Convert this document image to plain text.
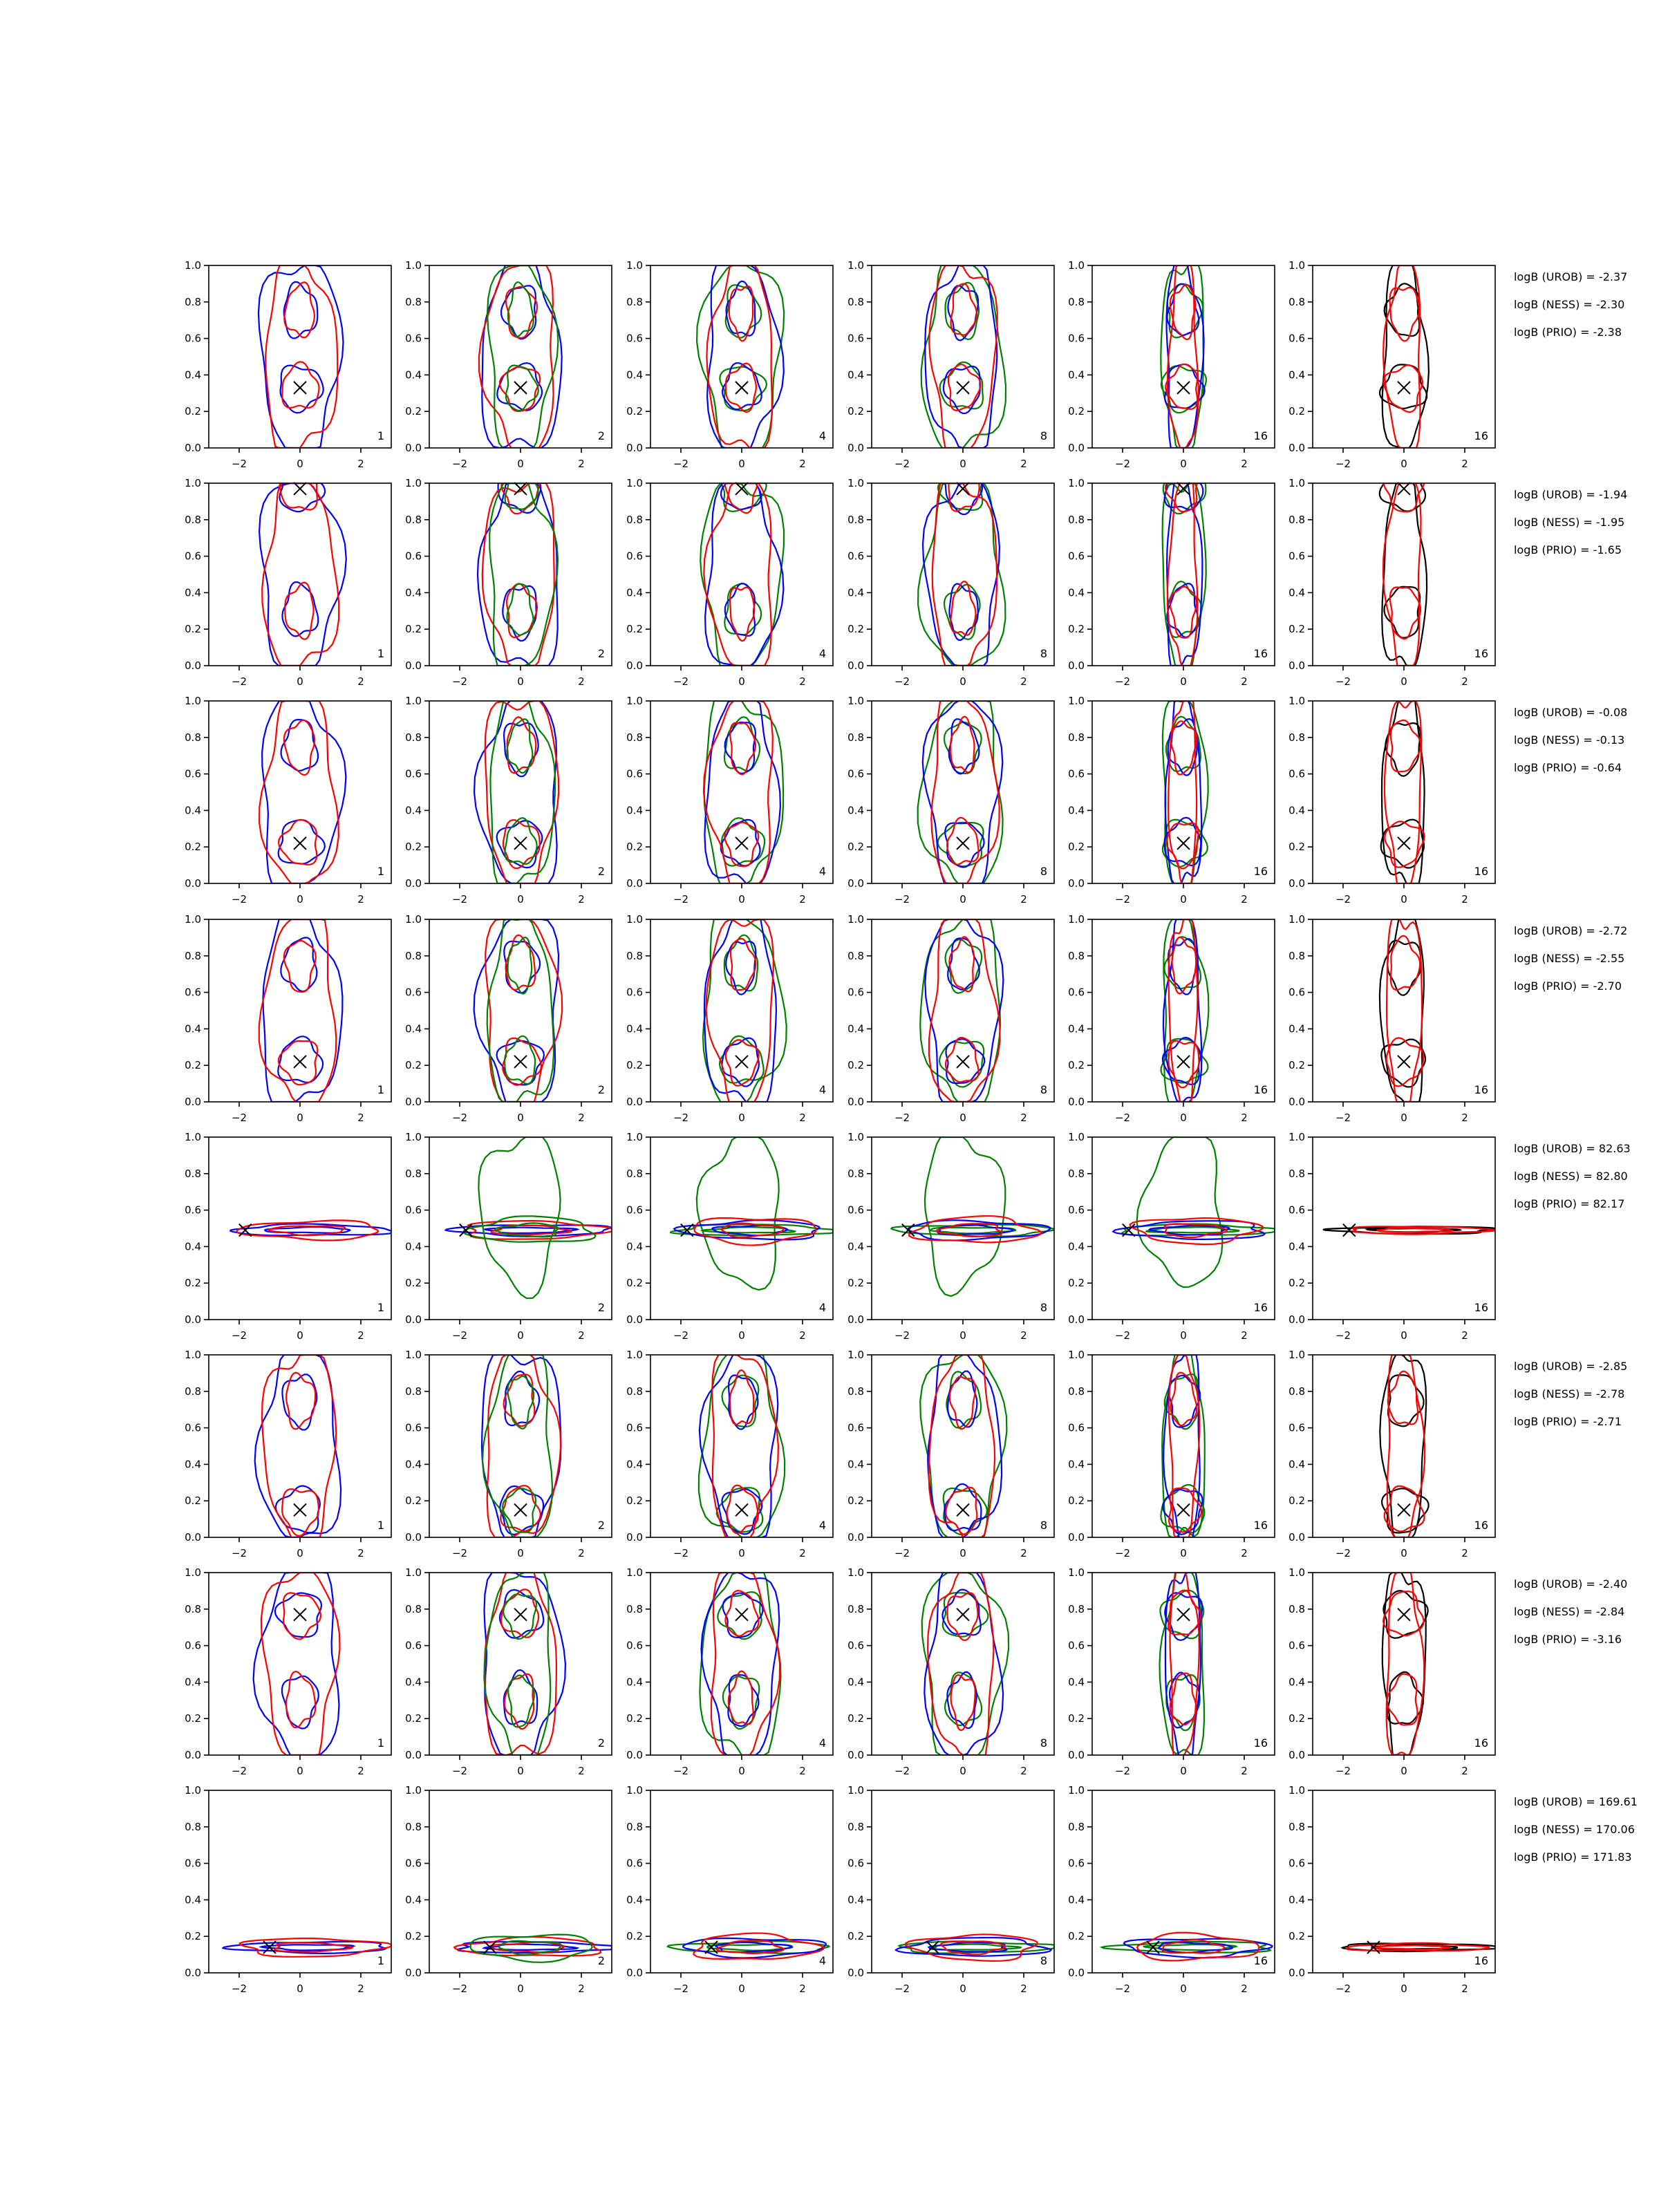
−2	0	2
0.0
0.2
0.4
0.6
0.8
1.0
1
−2	0	2
0.0
0.2
0.4
0.6
0.8
1.0
2
−2	0	2
0.0
0.2
0.4
0.6
0.8
1.0
4
−2	0	2
0.0
0.2
0.4
0.6
0.8
1.0
8
−2	0	2
0.0
0.2
0.4
0.6
0.8
1.0
16
−2	0	2
0.0
0.2
0.4
0.6
0.8
1.0
16
logB (UROB) = -2.37
logB (NESS) = -2.30
logB (PRIO) = -2.38
−2	0	2
0.0
0.2
0.4
0.6
0.8
1.0
1
−2	0	2
0.0
0.2
0.4
0.6
0.8
1.0
2
−2	0	2
0.0
0.2
0.4
0.6
0.8
1.0
4
−2	0	2
0.0
0.2
0.4
0.6
0.8
1.0
8
−2	0	2
0.0
0.2
0.4
0.6
0.8
1.0
16
−2	0	2
0.0
0.2
0.4
0.6
0.8
1.0
16
logB (UROB) = -1.94
logB (NESS) = -1.95
logB (PRIO) = -1.65
−2	0	2
0.0
0.2
0.4
0.6
0.8
1.0
1
−2	0	2
0.0
0.2
0.4
0.6
0.8
1.0
2
−2	0	2
0.0
0.2
0.4
0.6
0.8
1.0
4
−2	0	2
0.0
0.2
0.4
0.6
0.8
1.0
8
−2	0	2
0.0
0.2
0.4
0.6
0.8
1.0
16
−2	0	2
0.0
0.2
0.4
0.6
0.8
1.0
16
logB (UROB) = -0.08
logB (NESS) = -0.13
logB (PRIO) = -0.64
−2	0	2
0.0
0.2
0.4
0.6
0.8
1.0
1
−2	0	2
0.0
0.2
0.4
0.6
0.8
1.0
2
−2	0	2
0.0
0.2
0.4
0.6
0.8
1.0
4
−2	0	2
0.0
0.2
0.4
0.6
0.8
1.0
8
−2	0	2
0.0
0.2
0.4
0.6
0.8
1.0
16
−2	0	2
0.0
0.2
0.4
0.6
0.8
1.0
16
logB (UROB) = -2.72
logB (NESS) = -2.55
logB (PRIO) = -2.70
−2	0	2
0.0
0.2
0.4
0.6
0.8
1.0
1
−2	0	2
0.0
0.2
0.4
0.6
0.8
1.0
2
−2	0	2
0.0
0.2
0.4
0.6
0.8
1.0
4
−2	0	2
0.0
0.2
0.4
0.6
0.8
1.0
8
−2	0	2
0.0
0.2
0.4
0.6
0.8
1.0
16
−2	0	2
0.0
0.2
0.4
0.6
0.8
1.0
16
logB (UROB) = 82.63
logB (NESS) = 82.80
logB (PRIO) = 82.17
−2	0	2
0.0
0.2
0.4
0.6
0.8
1.0
1
−2	0	2
0.0
0.2
0.4
0.6
0.8
1.0
2
−2	0	2
0.0
0.2
0.4
0.6
0.8
1.0
4
−2	0	2
0.0
0.2
0.4
0.6
0.8
1.0
8
−2	0	2
0.0
0.2
0.4
0.6
0.8
1.0
16
−2	0	2
0.0
0.2
0.4
0.6
0.8
1.0
16
logB (UROB) = -2.85
logB (NESS) = -2.78
logB (PRIO) = -2.71
−2	0	2
0.0
0.2
0.4
0.6
0.8
1.0
1
−2	0	2
0.0
0.2
0.4
0.6
0.8
1.0
2
−2	0	2
0.0
0.2
0.4
0.6
0.8
1.0
4
−2	0	2
0.0
0.2
0.4
0.6
0.8
1.0
8
−2	0	2
0.0
0.2
0.4
0.6
0.8
1.0
16
−2	0	2
0.0
0.2
0.4
0.6
0.8
1.0
16
logB (UROB) = -2.40
logB (NESS) = -2.84
logB (PRIO) = -3.16
−2	0	2
0.0
0.2
0.4
0.6
0.8
1.0
1
−2	0	2
0.0
0.2
0.4
0.6
0.8
1.0
2
−2	0	2
0.0
0.2
0.4
0.6
0.8
1.0
4
−2	0	2
0.0
0.2
0.4
0.6
0.8
1.0
8
−2	0	2
0.0
0.2
0.4
0.6
0.8
1.0
16
−2	0	2
0.0
0.2
0.4
0.6
0.8
1.0
16
logB (UROB) = 169.61
logB (NESS) = 170.06
logB (PRIO) = 171.83
